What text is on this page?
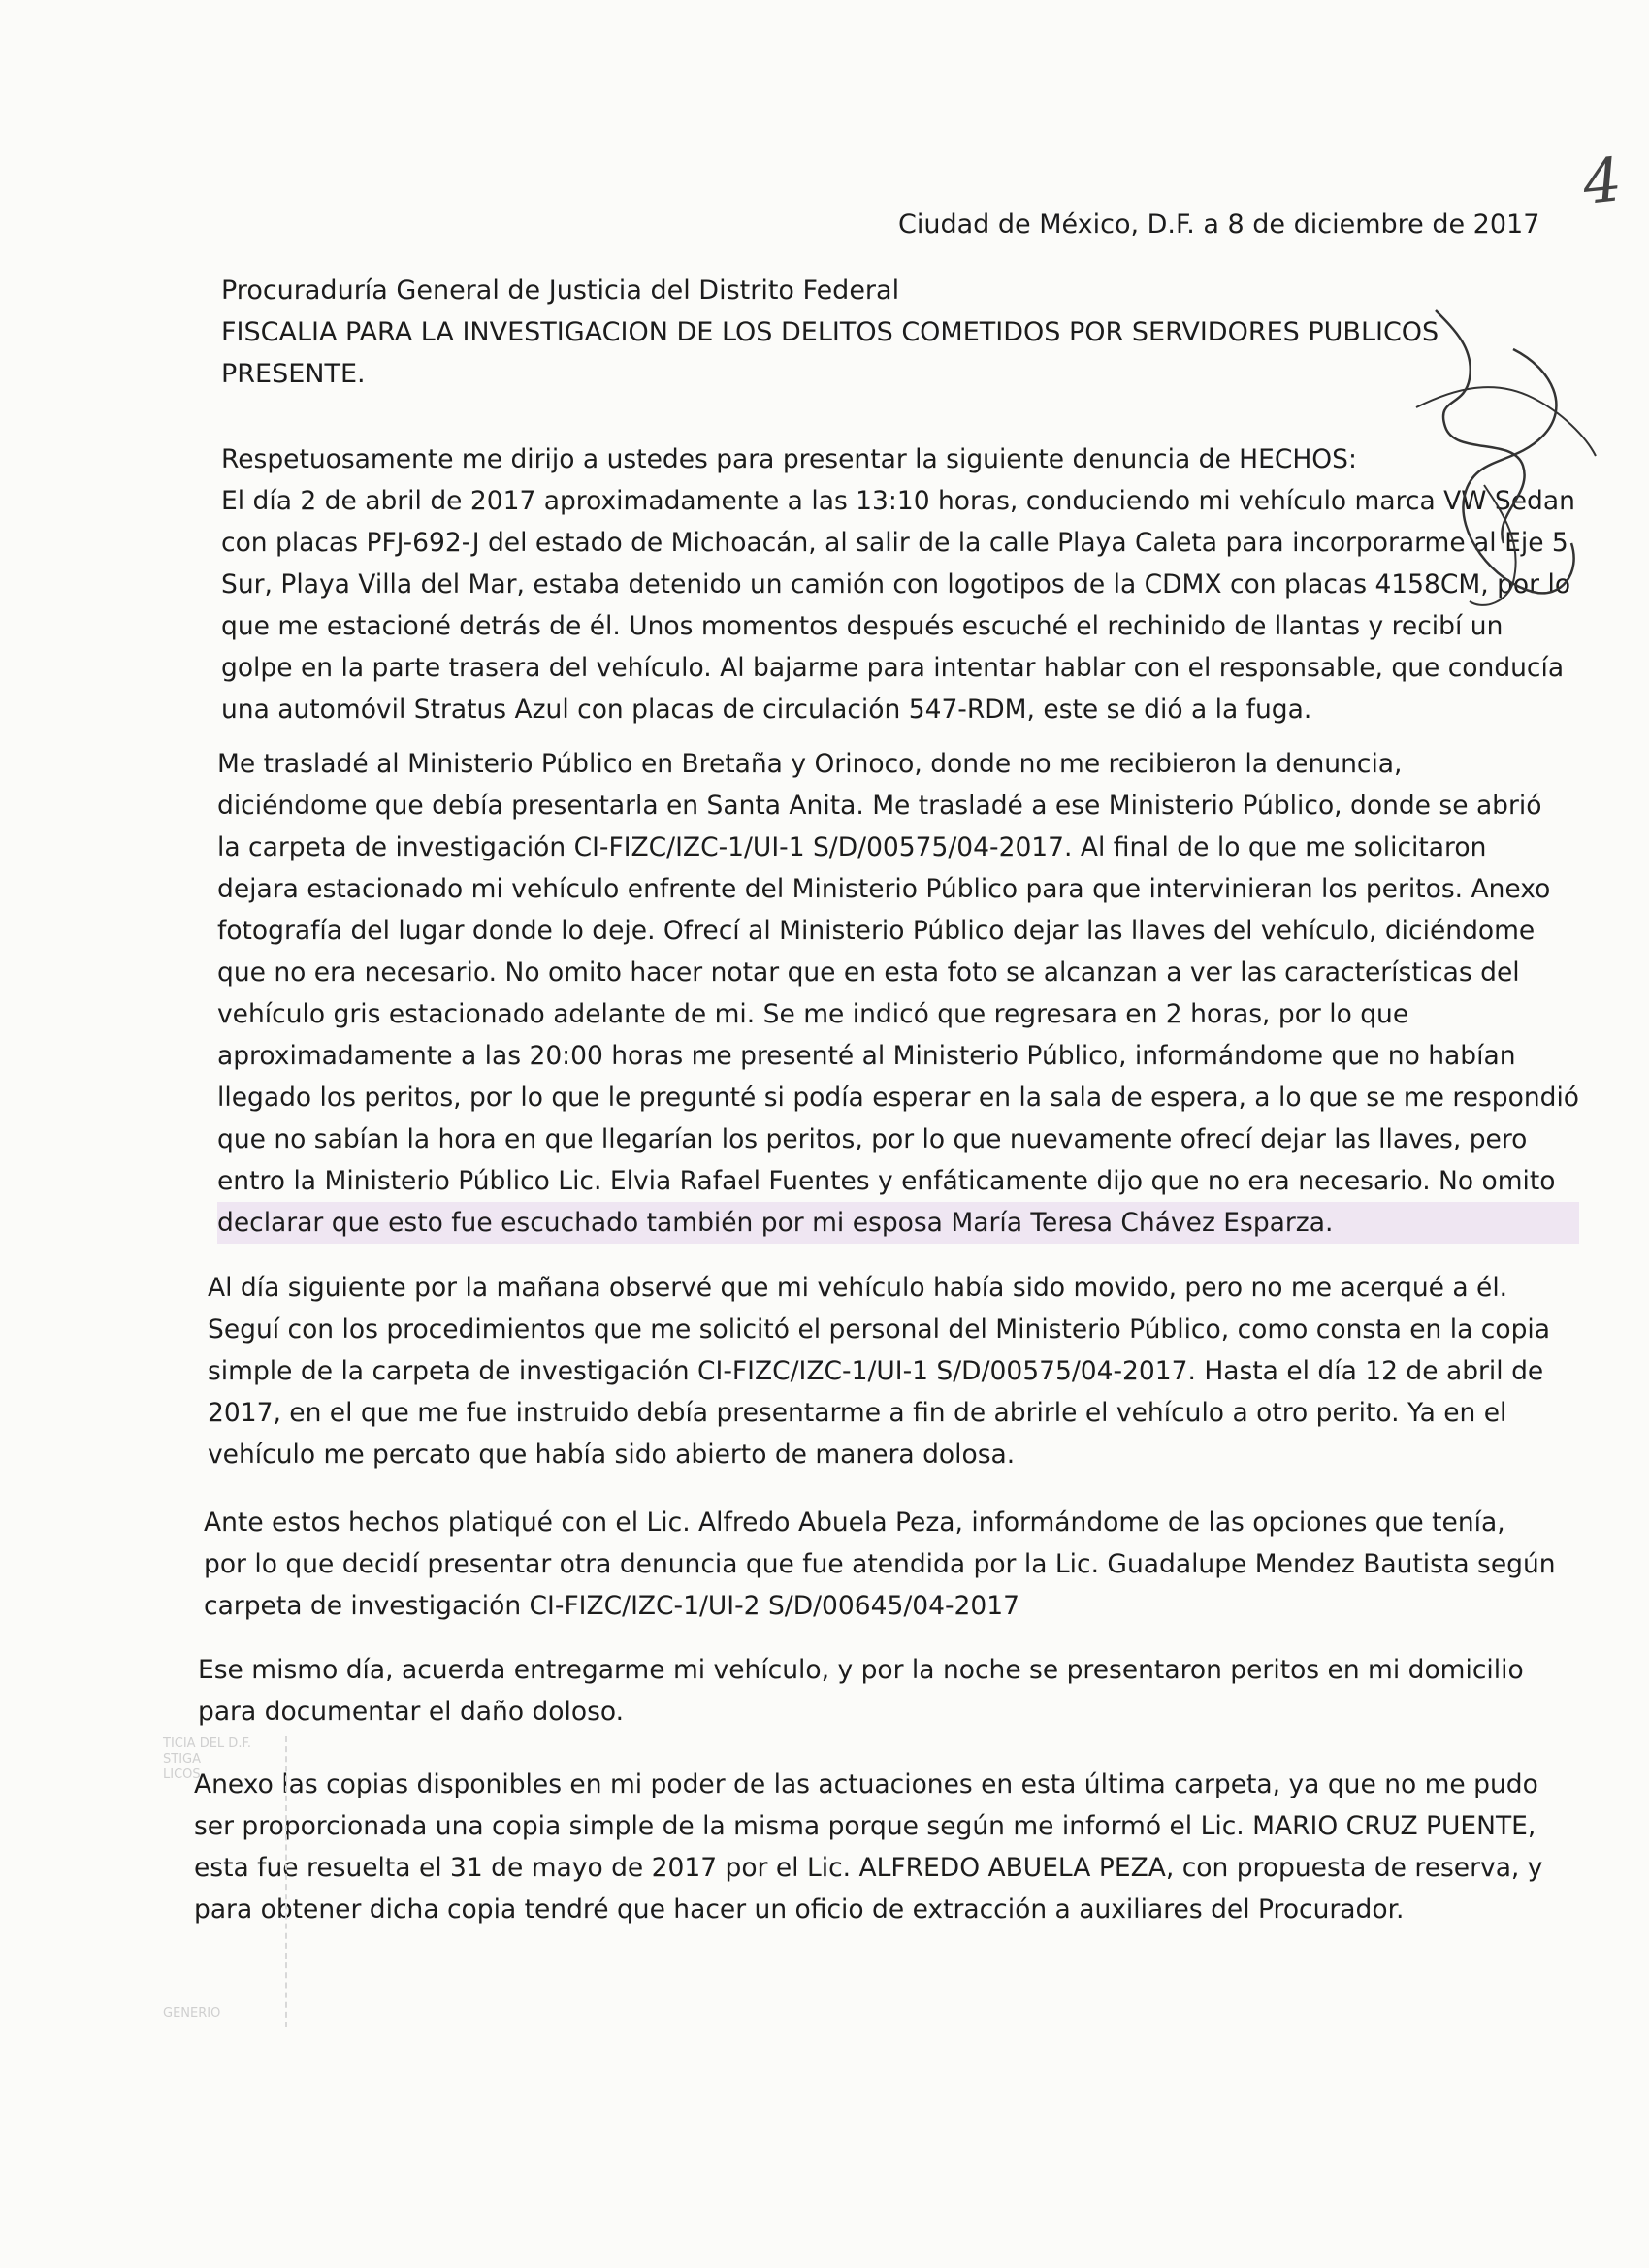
4
Ciudad de México, D.F. a 8 de diciembre de 2017
Procuraduría General de Justicia del Distrito Federal
FISCALIA PARA LA INVESTIGACION DE LOS DELITOS COMETIDOS POR SERVIDORES PUBLICOS
PRESENTE.
Respetuosamente me dirijo a ustedes para presentar la siguiente denuncia de HECHOS:
El día 2 de abril de 2017 aproximadamente a las 13:10 horas, conduciendo mi vehículo marca VW Sedan
con placas PFJ-692-J del estado de Michoacán, al salir de la calle Playa Caleta para incorporarme al Eje 5
Sur, Playa Villa del Mar, estaba detenido un camión con logotipos de la CDMX con placas 4158CM, por lo
que me estacioné detrás de él. Unos momentos después escuché el rechinido de llantas y recibí un
golpe en la parte trasera del vehículo. Al bajarme para intentar hablar con el responsable, que conducía
una automóvil Stratus Azul con placas de circulación 547-RDM, este se dió a la fuga.
Me trasladé al Ministerio Público en Bretaña y Orinoco, donde no me recibieron la denuncia,
diciéndome que debía presentarla en Santa Anita. Me trasladé a ese Ministerio Público, donde se abrió
la carpeta de investigación CI-FIZC/IZC-1/UI-1 S/D/00575/04-2017. Al final de lo que me solicitaron
dejara estacionado mi vehículo enfrente del Ministerio Público para que intervinieran los peritos. Anexo
fotografía del lugar donde lo deje. Ofrecí al Ministerio Público dejar las llaves del vehículo, diciéndome
que no era necesario. No omito hacer notar que en esta foto se alcanzan a ver las características del
vehículo gris estacionado adelante de mi. Se me indicó que regresara en 2 horas, por lo que
aproximadamente a las 20:00 horas me presenté al Ministerio Público, informándome que no habían
llegado los peritos, por lo que le pregunté si podía esperar en la sala de espera, a lo que se me respondió
que no sabían la hora en que llegarían los peritos, por lo que nuevamente ofrecí dejar las llaves, pero
entro la Ministerio Público Lic. Elvia Rafael Fuentes y enfáticamente dijo que no era necesario. No omito
declarar que esto fue escuchado también por mi esposa María Teresa Chávez Esparza.
Al día siguiente por la mañana observé que mi vehículo había sido movido, pero no me acerqué a él.
Seguí con los procedimientos que me solicitó el personal del Ministerio Público, como consta en la copia
simple de la carpeta de investigación CI-FIZC/IZC-1/UI-1 S/D/00575/04-2017. Hasta el día 12 de abril de
2017, en el que me fue instruido debía presentarme a fin de abrirle el vehículo a otro perito. Ya en el
vehículo me percato que había sido abierto de manera dolosa.
Ante estos hechos platiqué con el Lic. Alfredo Abuela Peza, informándome de las opciones que tenía,
por lo que decidí presentar otra denuncia que fue atendida por la Lic. Guadalupe Mendez Bautista según
carpeta de investigación CI-FIZC/IZC-1/UI-2 S/D/00645/04-2017
Ese mismo día, acuerda entregarme mi vehículo, y por la noche se presentaron peritos en mi domicilio
para documentar el daño doloso.
Anexo las copias disponibles en mi poder de las actuaciones en esta última carpeta, ya que no me pudo
ser proporcionada una copia simple de la misma porque según me informó el Lic. MARIO CRUZ PUENTE,
esta fue resuelta el 31 de mayo de 2017 por el Lic. ALFREDO ABUELA PEZA, con propuesta de reserva, y
para obtener dicha copia tendré que hacer un oficio de extracción a auxiliares del Procurador.
TICIA DEL D.F.
STIGA
LICOS
GENERIO
